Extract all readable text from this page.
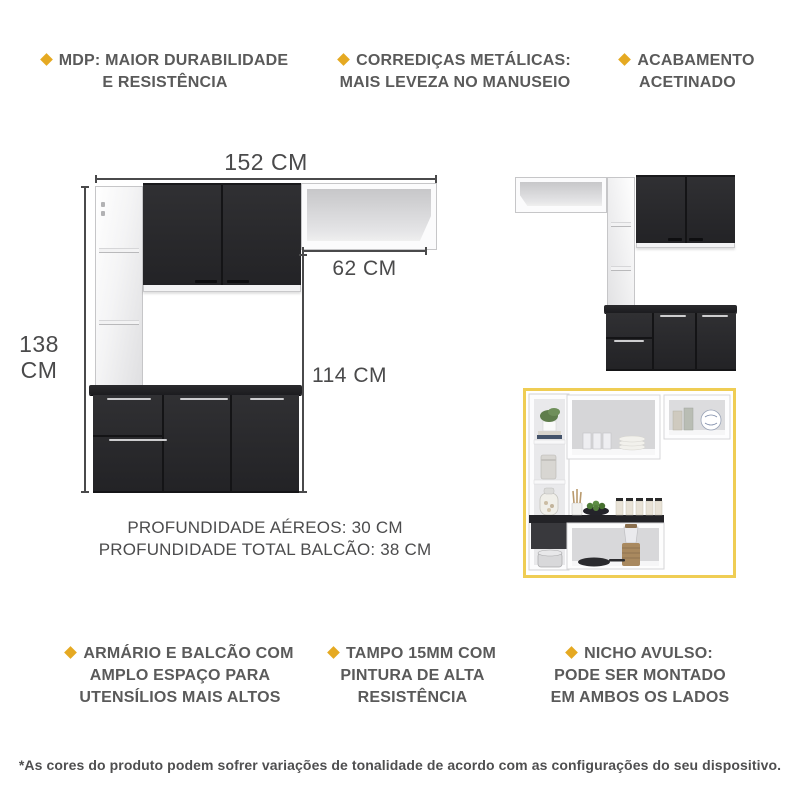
MDP: MAIOR DURABILIDADE
E RESISTÊNCIA
CORREDIÇAS METÁLICAS:
MAIS LEVEZA NO MANUSEIO
ACABAMENTO
ACETINADO
152 CM
138 CM
62 CM
114 CM
PROFUNDIDADE AÉREOS: 30 CM
PROFUNDIDADE TOTAL BALCÃO: 38 CM
ARMÁRIO E BALCÃO COM
AMPLO ESPAÇO PARA
UTENSÍLIOS MAIS ALTOS
TAMPO 15MM COM
PINTURA DE ALTA
RESISTÊNCIA
NICHO AVULSO:
PODE SER MONTADO
EM AMBOS OS LADOS
*As cores do produto podem sofrer variações de tonalidade de acordo com as configurações do seu dispositivo.
